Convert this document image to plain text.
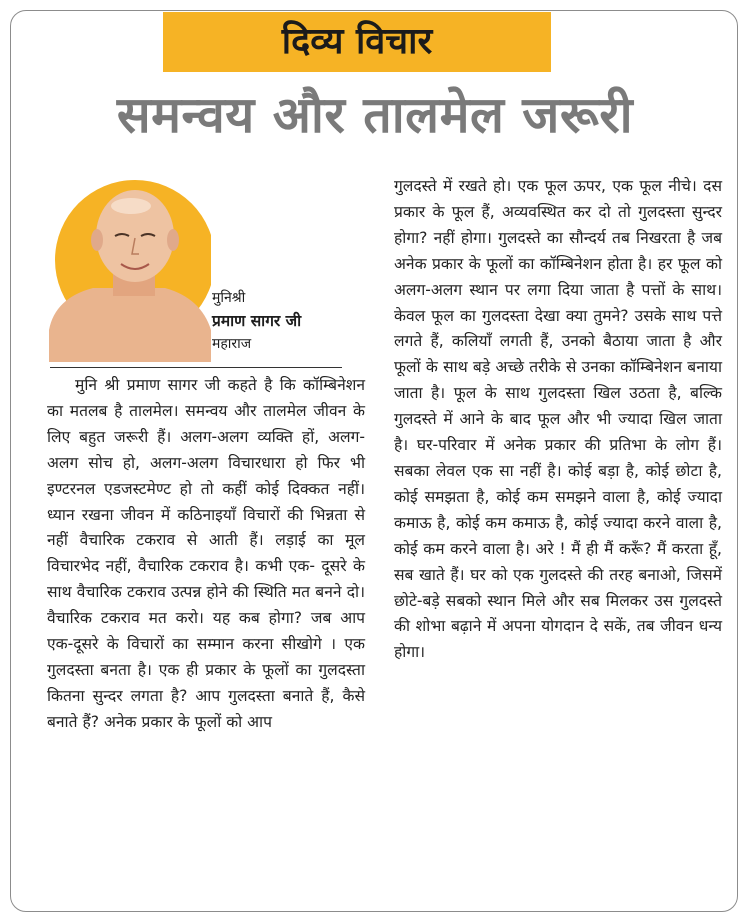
दिव्य विचार
समन्वय और तालमेल जरूरी
मुनिश्री
प्रमाण सागर जी
महाराज

मुनि श्री प्रमाण सागर जी कहते है कि कॉम्बिनेशन का मतलब है तालमेल। समन्वय और तालमेल जीवन के लिए बहुत जरूरी हैं। अलग-अलग व्यक्ति हों, अलग-अलग सोच हो, अलग-अलग विचारधारा हो फिर भी इण्टरनल एडजस्टमेण्ट हो तो कहीं कोई दिक्कत नहीं। ध्यान रखना जीवन में कठिनाइयाँ विचारों की भिन्नता से नहीं वैचारिक टकराव से आती हैं। लड़ाई का मूल विचारभेद नहीं, वैचारिक टकराव है। कभी एक- दूसरे के साथ वैचारिक टकराव उत्पन्न होने की स्थिति मत बनने दो। वैचारिक टकराव मत करो। यह कब होगा? जब आप एक-दूसरे के विचारों का सम्मान करना सीखोगे । एक गुलदस्ता बनता है। एक ही प्रकार के फूलों का गुलदस्ता कितना सुन्दर लगता है? आप गुलदस्ता बनाते हैं, कैसे बनाते हैं? अनेक प्रकार के फूलों को आप

गुलदस्ते में रखते हो। एक फूल ऊपर, एक फूल नीचे। दस प्रकार के फूल हैं, अव्यवस्थित कर दो तो गुलदस्ता सुन्दर होगा? नहीं होगा। गुलदस्ते का सौन्दर्य तब निखरता है जब अनेक प्रकार के फूलों का कॉम्बिनेशन होता है। हर फूल को अलग-अलग स्थान पर लगा दिया जाता है पत्तों के साथ। केवल फूल का गुलदस्ता देखा क्या तुमने? उसके साथ पत्ते लगते हैं, कलियाँ लगती हैं, उनको बैठाया जाता है और फूलों के साथ बड़े अच्छे तरीके से उनका कॉम्बिनेशन बनाया जाता है। फूल के साथ गुलदस्ता खिल उठता है, बल्कि गुलदस्ते में आने के बाद फूल और भी ज्यादा खिल जाता है। घर-परिवार में अनेक प्रकार की प्रतिभा के लोग हैं। सबका लेवल एक सा नहीं है। कोई बड़ा है, कोई छोटा है, कोई समझता है, कोई कम समझने वाला है, कोई ज्यादा कमाऊ है, कोई कम कमाऊ है, कोई ज्यादा करने वाला है, कोई कम करने वाला है। अरे ! मैं ही मैं करूँ? मैं करता हूँ, सब खाते हैं। घर को एक गुलदस्ते की तरह बनाओ, जिसमें छोटे-बड़े सबको स्थान मिले और सब मिलकर उस गुलदस्ते की शोभा बढ़ाने में अपना योगदान दे सकें, तब जीवन धन्य होगा।
